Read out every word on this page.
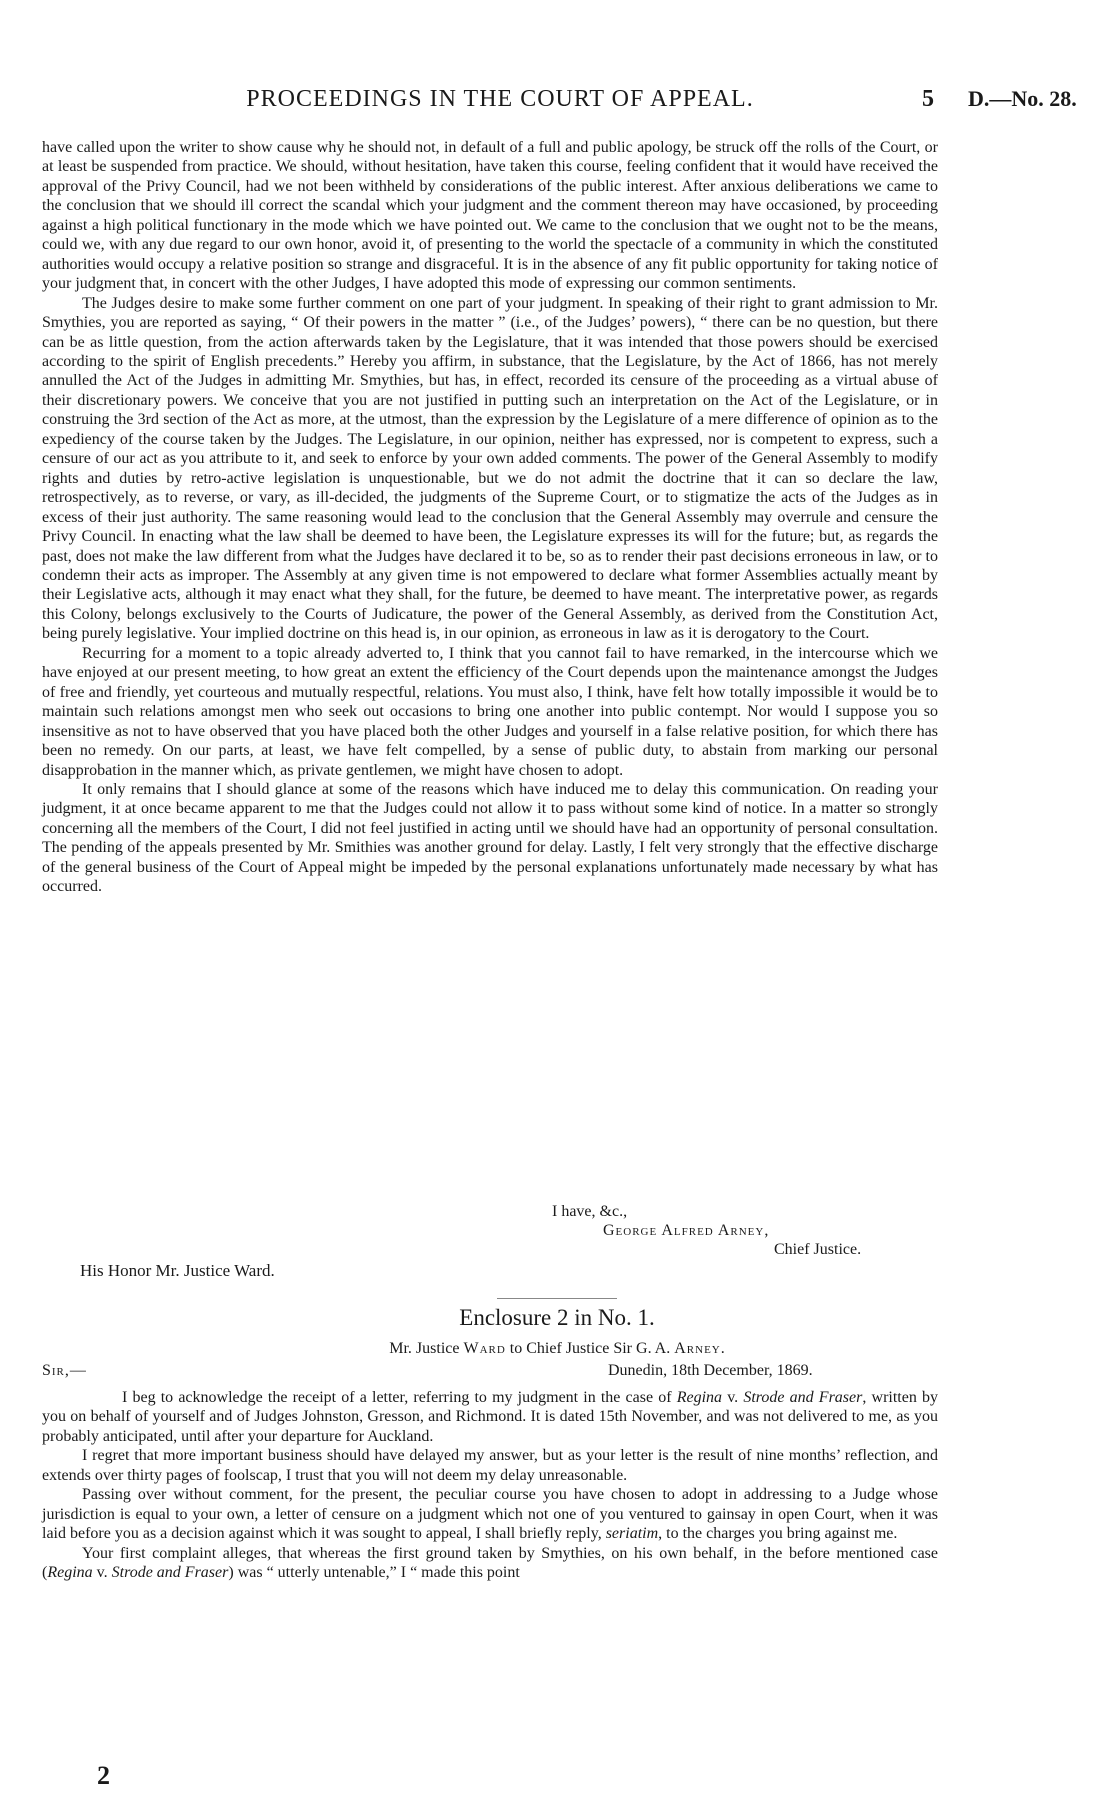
PROCEEDINGS IN THE COURT OF APPEAL.	5 D.—No. 28.

have called upon the writer to show cause why he should not, in default of a full and public apology, be struck off the rolls of the Court, or at least be suspended from practice. We should, without hesitation, have taken this course, feeling confident that it would have received the approval of the Privy Council, had we not been withheld by considerations of the public interest. After anxious deliberations we came to the conclusion that we should ill correct the scandal which your judgment and the comment thereon may have occasioned, by proceeding against a high political functionary in the mode which we have pointed out. We came to the conclusion that we ought not to be the means, could we, with any due regard to our own honor, avoid it, of presenting to the world the spectacle of a community in which the constituted authorities would occupy a relative position so strange and disgraceful. It is in the absence of any fit public opportunity for taking notice of your judgment that, in concert with the other Judges, I have adopted this mode of expressing our common sentiments.

The Judges desire to make some further comment on one part of your judgment. In speaking of their right to grant admission to Mr. Smythies, you are reported as saying, “ Of their powers in the matter ” (i.e., of the Judges’ powers), “ there can be no question, but there can be as little question, from the action afterwards taken by the Legislature, that it was intended that those powers should be exercised according to the spirit of English precedents.” Hereby you affirm, in substance, that the Legislature, by the Act of 1866, has not merely annulled the Act of the Judges in admitting Mr. Smythies, but has, in effect, recorded its censure of the proceeding as a virtual abuse of their discretionary powers. We conceive that you are not justified in putting such an interpretation on the Act of the Legislature, or in construing the 3rd section of the Act as more, at the utmost, than the expression by the Legislature of a mere difference of opinion as to the expediency of the course taken by the Judges. The Legislature, in our opinion, neither has expressed, nor is competent to express, such a censure of our act as you attribute to it, and seek to enforce by your own added comments. The power of the General Assembly to modify rights and duties by retro-active legislation is unquestionable, but we do not admit the doctrine that it can so declare the law, retrospectively, as to reverse, or vary, as ill-decided, the judgments of the Supreme Court, or to stigmatize the acts of the Judges as in excess of their just authority. The same reasoning would lead to the conclusion that the General Assembly may overrule and censure the Privy Council. In enacting what the law shall be deemed to have been, the Legislature expresses its will for the future; but, as regards the past, does not make the law different from what the Judges have declared it to be, so as to render their past decisions erroneous in law, or to condemn their acts as improper. The Assembly at any given time is not empowered to declare what former Assemblies actually meant by their Legislative acts, although it may enact what they shall, for the future, be deemed to have meant. The interpretative power, as regards this Colony, belongs exclusively to the Courts of Judicature, the power of the General Assembly, as derived from the Constitution Act, being purely legislative. Your implied doctrine on this head is, in our opinion, as erroneous in law as it is derogatory to the Court.

Recurring for a moment to a topic already adverted to, I think that you cannot fail to have remarked, in the intercourse which we have enjoyed at our present meeting, to how great an extent the efficiency of the Court depends upon the maintenance amongst the Judges of free and friendly, yet courteous and mutually respectful, relations. You must also, I think, have felt how totally impossible it would be to maintain such relations amongst men who seek out occasions to bring one another into public contempt. Nor would I suppose you so insensitive as not to have observed that you have placed both the other Judges and yourself in a false relative position, for which there has been no remedy. On our parts, at least, we have felt compelled, by a sense of public duty, to abstain from marking our personal disapprobation in the manner which, as private gentlemen, we might have chosen to adopt.

It only remains that I should glance at some of the reasons which have induced me to delay this communication. On reading your judgment, it at once became apparent to me that the Judges could not allow it to pass without some kind of notice. In a matter so strongly concerning all the members of the Court, I did not feel justified in acting until we should have had an opportunity of personal consultation. The pending of the appeals presented by Mr. Smithies was another ground for delay. Lastly, I felt very strongly that the effective discharge of the general business of the Court of Appeal might be impeded by the personal explanations unfortunately made necessary by what has occurred.

I have, &c.,
George Alfred Arney,
Chief Justice.
His Honor Mr. Justice Ward.
Enclosure 2 in No. 1.
Mr. Justice Ward to Chief Justice Sir G. A. Arney.
Sir,—	Dunedin, 18th December, 1869.

I beg to acknowledge the receipt of a letter, referring to my judgment in the case of Regina v. Strode and Fraser, written by you on behalf of yourself and of Judges Johnston, Gresson, and Richmond. It is dated 15th November, and was not delivered to me, as you probably anticipated, until after your departure for Auckland.

I regret that more important business should have delayed my answer, but as your letter is the result of nine months’ reflection, and extends over thirty pages of foolscap, I trust that you will not deem my delay unreasonable.

Passing over without comment, for the present, the peculiar course you have chosen to adopt in addressing to a Judge whose jurisdiction is equal to your own, a letter of censure on a judgment which not one of you ventured to gainsay in open Court, when it was laid before you as a decision against which it was sought to appeal, I shall briefly reply, seriatim, to the charges you bring against me.

Your first complaint alleges, that whereas the first ground taken by Smythies, on his own behalf, in the before mentioned case (Regina v. Strode and Fraser) was “ utterly untenable,” I “ made this point

2
